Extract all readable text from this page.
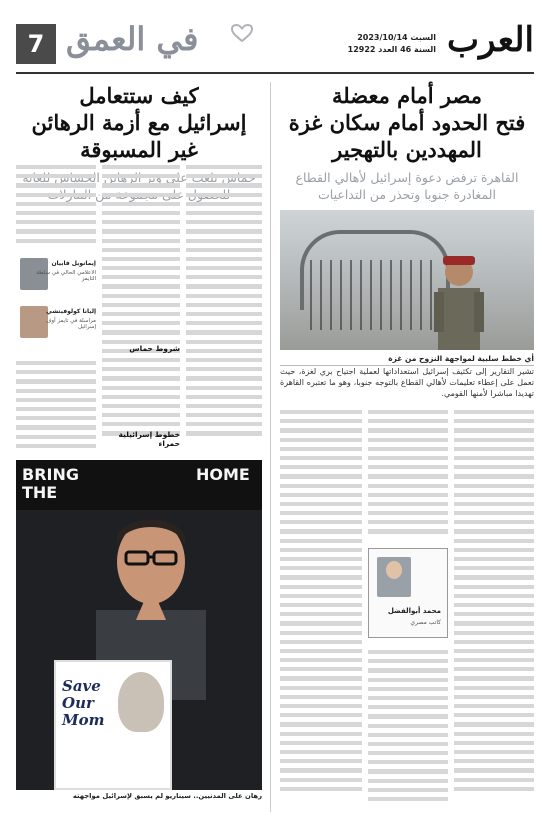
7 في العمق	العرب
السبت 2023/10/14
السنة 46 العدد 12922
مصر أمام معضلة
فتح الحدود أمام سكان غزة
المهددين بالتهجير
القاهرة ترفض دعوة إسرائيل لأهالي القطاع المغادرة جنوبا وتحذر من التداعيات
كيف ستتعامل
إسرائيل مع أزمة الرهائن
غير المسبوقة
أي خطط سلبية لمواجهة النزوح من غزة
تشير التقارير إلى تكثيف إسرائيل استعداداتها لعملية اجتياح بري لغزة، حيث تعمل على إعطاء تعليمات لأهالي القطاع بالتوجه جنوبا، وهو ما تعتبره القاهرة تهديدا مباشرا لأمنها القومي.
محمد أبوالفضل
كاتب مصري
إيمانويل فابيان
الاعلامي الحالي في سلطة التايمز
إليانا كولوفيتشي
مراسلة في تايمز أوف إسرائيل
شروط حماس
خطوط إسرائيلية حمراء
BRING
THE
HOME
Save
Our
Mom
رهان على المدنيين.. سيناريو لم يسبق لإسرائيل مواجهته
